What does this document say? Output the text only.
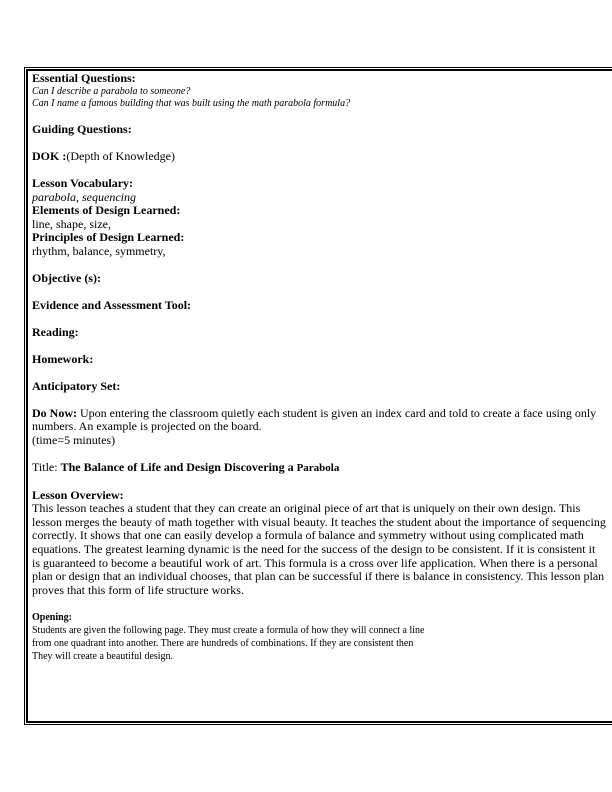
Essential Questions:
Can I describe a parabola to someone?
Can I name a famous building that was built using the math parabola formula?
Guiding Questions:
DOK :(Depth of Knowledge)
Lesson Vocabulary:
parabola, sequencing
Elements of Design Learned:
line, shape, size,
Principles of Design Learned:
rhythm, balance, symmetry,
Objective (s):
Evidence and Assessment Tool:
Reading:
Homework:
Anticipatory Set:
Do Now: Upon entering the classroom quietly each student is given an index card and told to create a face using only numbers. An example is projected on the board.
(time=5 minutes)
Title: The Balance of Life and Design Discovering a Parabola
Lesson Overview:
This lesson teaches a student that they can create an original piece of art that is uniquely on their own design. This lesson merges the beauty of math together with visual beauty. It teaches the student about the importance of sequencing correctly. It shows that one can easily develop a formula of balance and symmetry without using complicated math equations. The greatest learning dynamic is the need for the success of the design to be consistent. If it is consistent it is guaranteed to become a beautiful work of art. This formula is a cross over life application. When there is a personal plan or design that an individual chooses, that plan can be successful if there is balance in consistency. This lesson plan proves that this form of life structure works.
Opening:
Students are given the following page. They must create a formula of how they will connect a line
from one quadrant into another. There are hundreds of combinations. If they are consistent then
They will create a beautiful design.
